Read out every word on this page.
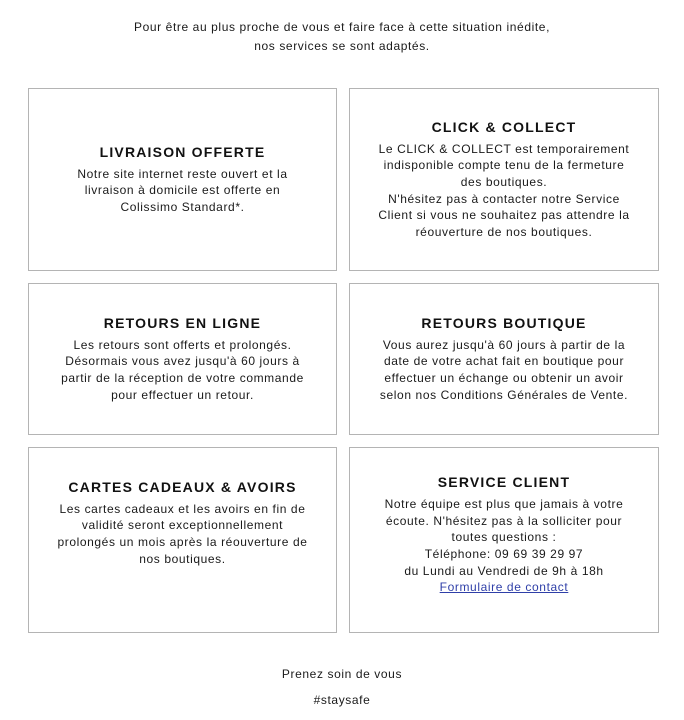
Pour être au plus proche de vous et faire face à cette situation inédite,
nos services se sont adaptés.
LIVRAISON OFFERTE
Notre site internet reste ouvert et la
livraison à domicile est offerte en
Colissimo Standard*.
CLICK & COLLECT
Le CLICK & COLLECT est temporairement
indisponible compte tenu de la fermeture
des boutiques.
N'hésitez pas à contacter notre Service
Client si vous ne souhaitez pas attendre la
réouverture de nos boutiques.
RETOURS EN LIGNE
Les retours sont offerts et prolongés.
Désormais vous avez jusqu'à 60 jours à
partir de la réception de votre commande
pour effectuer un retour.
RETOURS BOUTIQUE
Vous aurez jusqu'à 60 jours à partir de la
date de votre achat fait en boutique pour
effectuer un échange ou obtenir un avoir
selon nos Conditions Générales de Vente.
CARTES CADEAUX & AVOIRS
Les cartes cadeaux et les avoirs en fin de
validité seront exceptionnellement
prolongés un mois après la réouverture de
nos boutiques.
SERVICE CLIENT
Notre équipe est plus que jamais à votre
écoute. N'hésitez pas à la solliciter pour
toutes questions :
Téléphone: 09 69 39 29 97
du Lundi au Vendredi de 9h à 18h
Formulaire de contact
Prenez soin de vous
#staysafe
